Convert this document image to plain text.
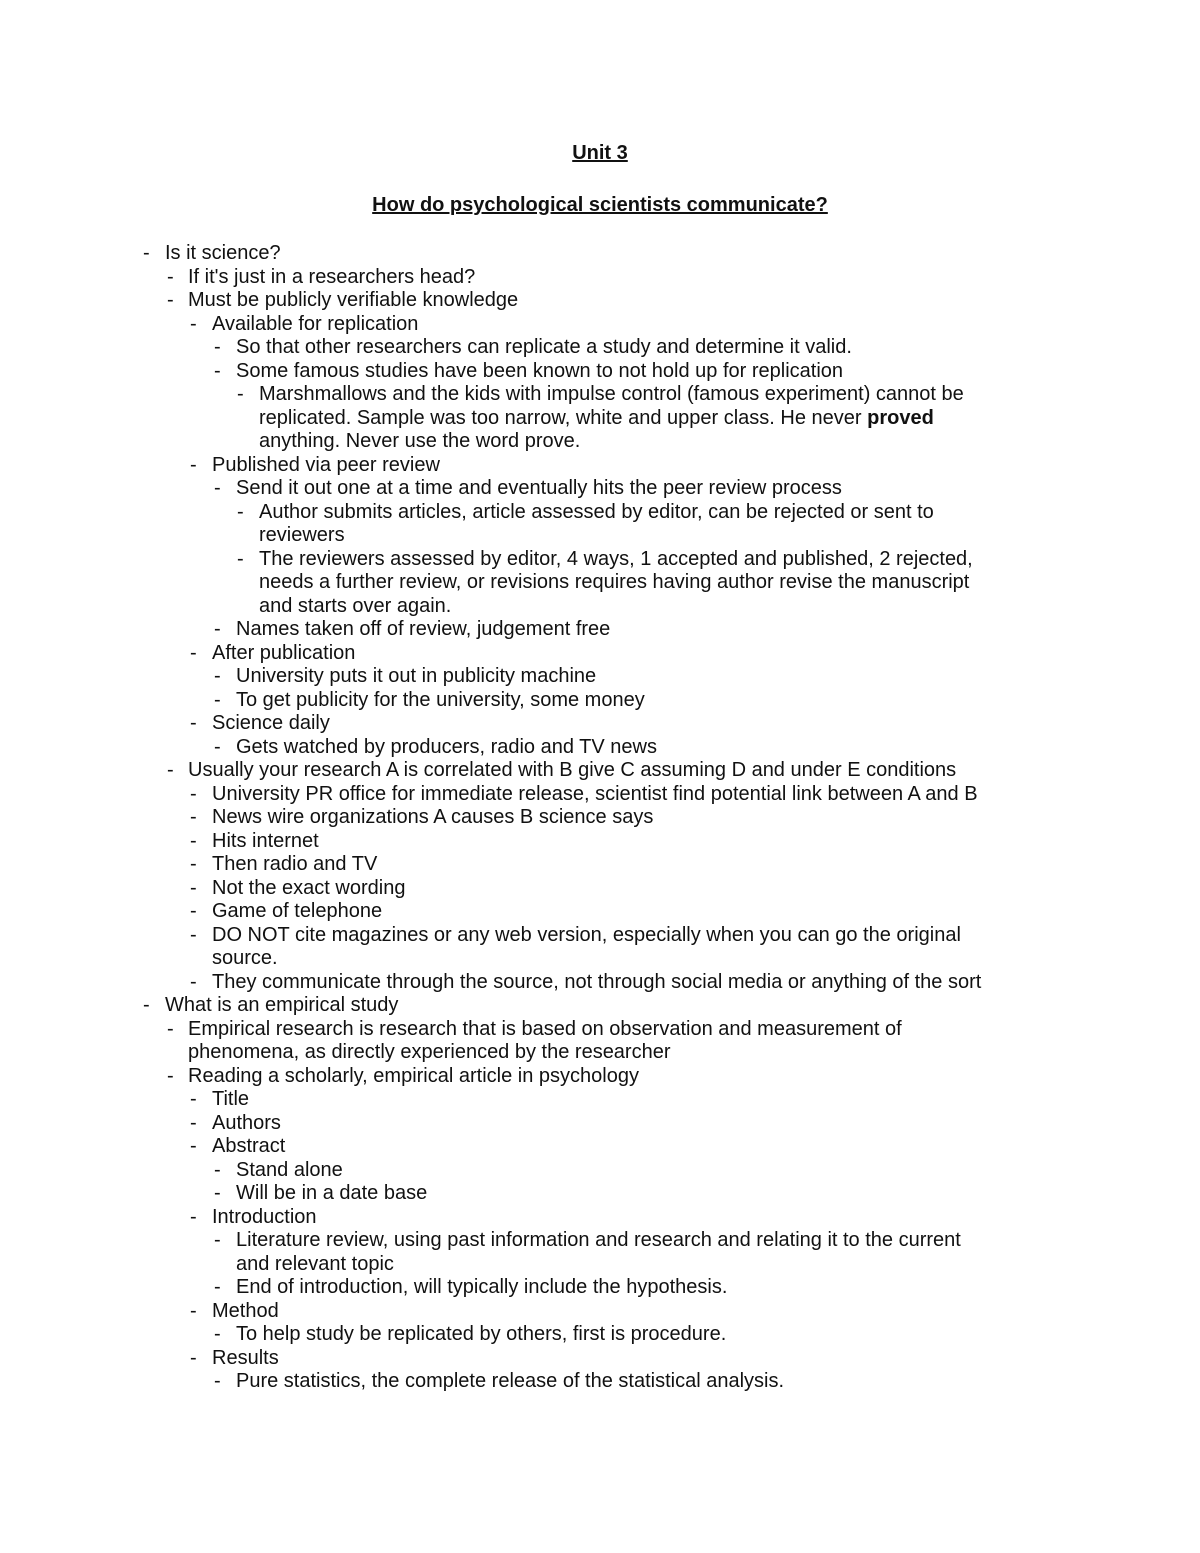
Unit 3
How do psychological scientists communicate?
- Is it science?
- If it's just in a researchers head?
- Must be publicly verifiable knowledge
- Available for replication
- So that other researchers can replicate a study and determine it valid.
- Some famous studies have been known to not hold up for replication
- Marshmallows and the kids with impulse control (famous experiment) cannot be
replicated. Sample was too narrow, white and upper class. He never proved
anything. Never use the word prove.
- Published via peer review
- Send it out one at a time and eventually hits the peer review process
- Author submits articles, article assessed by editor, can be rejected or sent to
reviewers
- The reviewers assessed by editor, 4 ways, 1 accepted and published, 2 rejected,
needs a further review, or revisions requires having author revise the manuscript
and starts over again.
- Names taken off of review, judgement free
- After publication
- University puts it out in publicity machine
- To get publicity for the university, some money
- Science daily
- Gets watched by producers, radio and TV news
- Usually your research A is correlated with B give C assuming D and under E conditions
- University PR office for immediate release, scientist find potential link between A and B
- News wire organizations A causes B science says
- Hits internet
- Then radio and TV
- Not the exact wording
- Game of telephone
- DO NOT cite magazines or any web version, especially when you can go the original
source.
- They communicate through the source, not through social media or anything of the sort
- What is an empirical study
- Empirical research is research that is based on observation and measurement of
phenomena, as directly experienced by the researcher
- Reading a scholarly, empirical article in psychology
- Title
- Authors
- Abstract
- Stand alone
- Will be in a date base
- Introduction
- Literature review, using past information and research and relating it to the current
and relevant topic
- End of introduction, will typically include the hypothesis.
- Method
- To help study be replicated by others, first is procedure.
- Results
- Pure statistics, the complete release of the statistical analysis.
